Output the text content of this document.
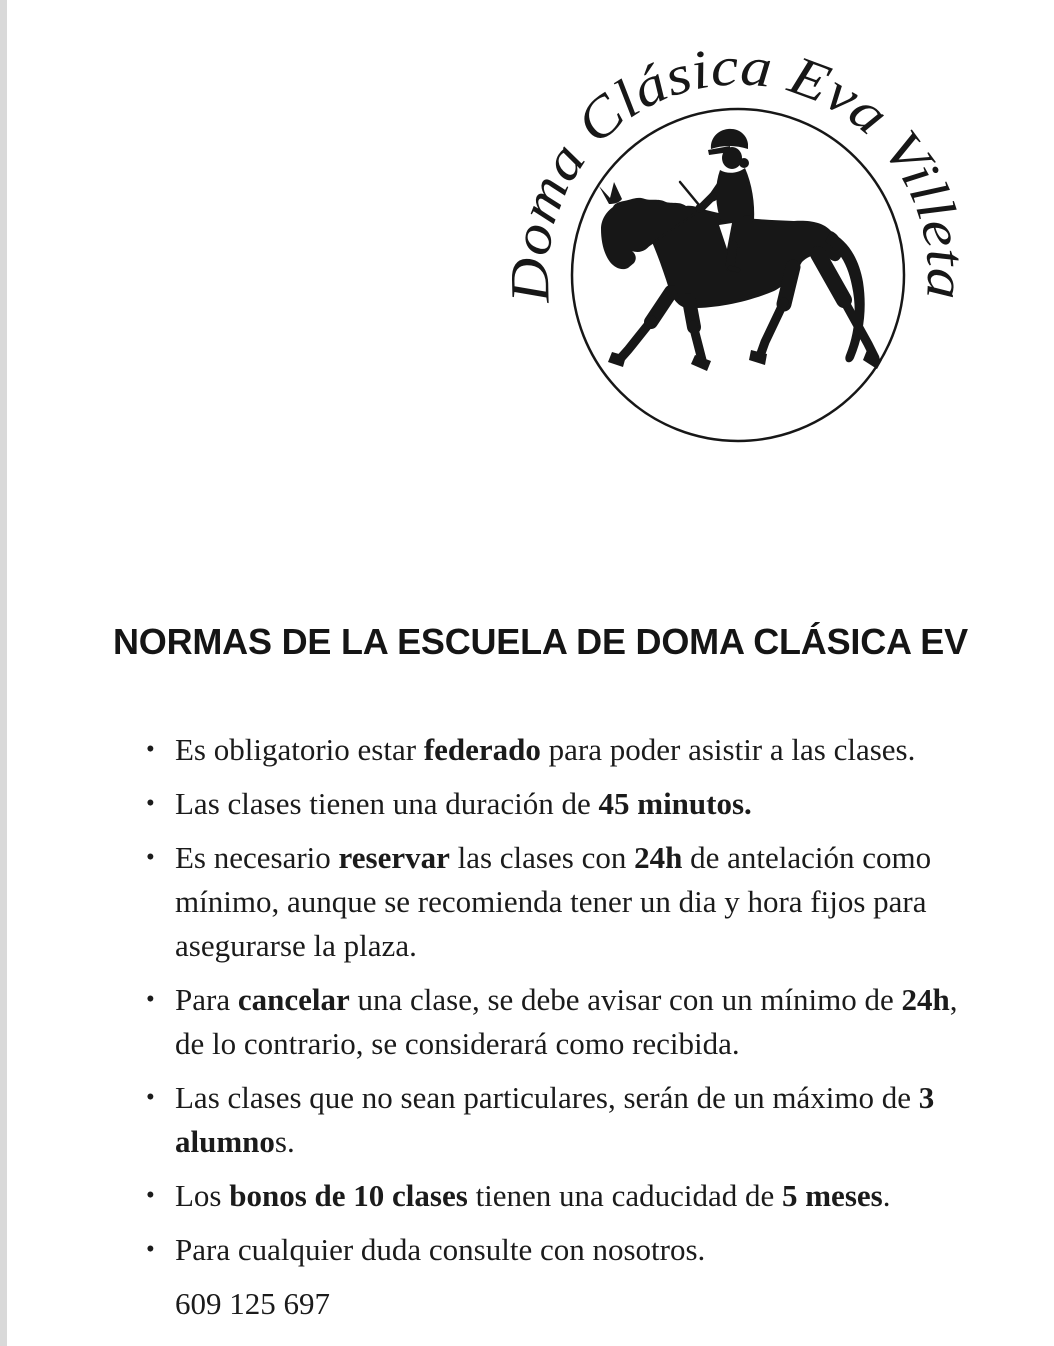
Doma Clásica Eva Villeta
NORMAS DE LA ESCUELA DE DOMA CLÁSICA EV
• Es obligatorio estar federado para poder asistir a las clases.

• Las clases tienen una duración de 45 minutos.

• Es necesario reservar las clases con 24h de antelación como mínimo, aunque se recomienda tener un dia y hora fijos para asegurarse la plaza.

• Para cancelar una clase, se debe avisar con un mínimo de 24h, de lo contrario, se considerará como recibida.

• Las clases que no sean particulares, serán de un máximo de 3 alumnos.

• Los bonos de 10 clases tienen una caducidad de 5 meses.

• Para cualquier duda consulte con nosotros.

609 125 697
